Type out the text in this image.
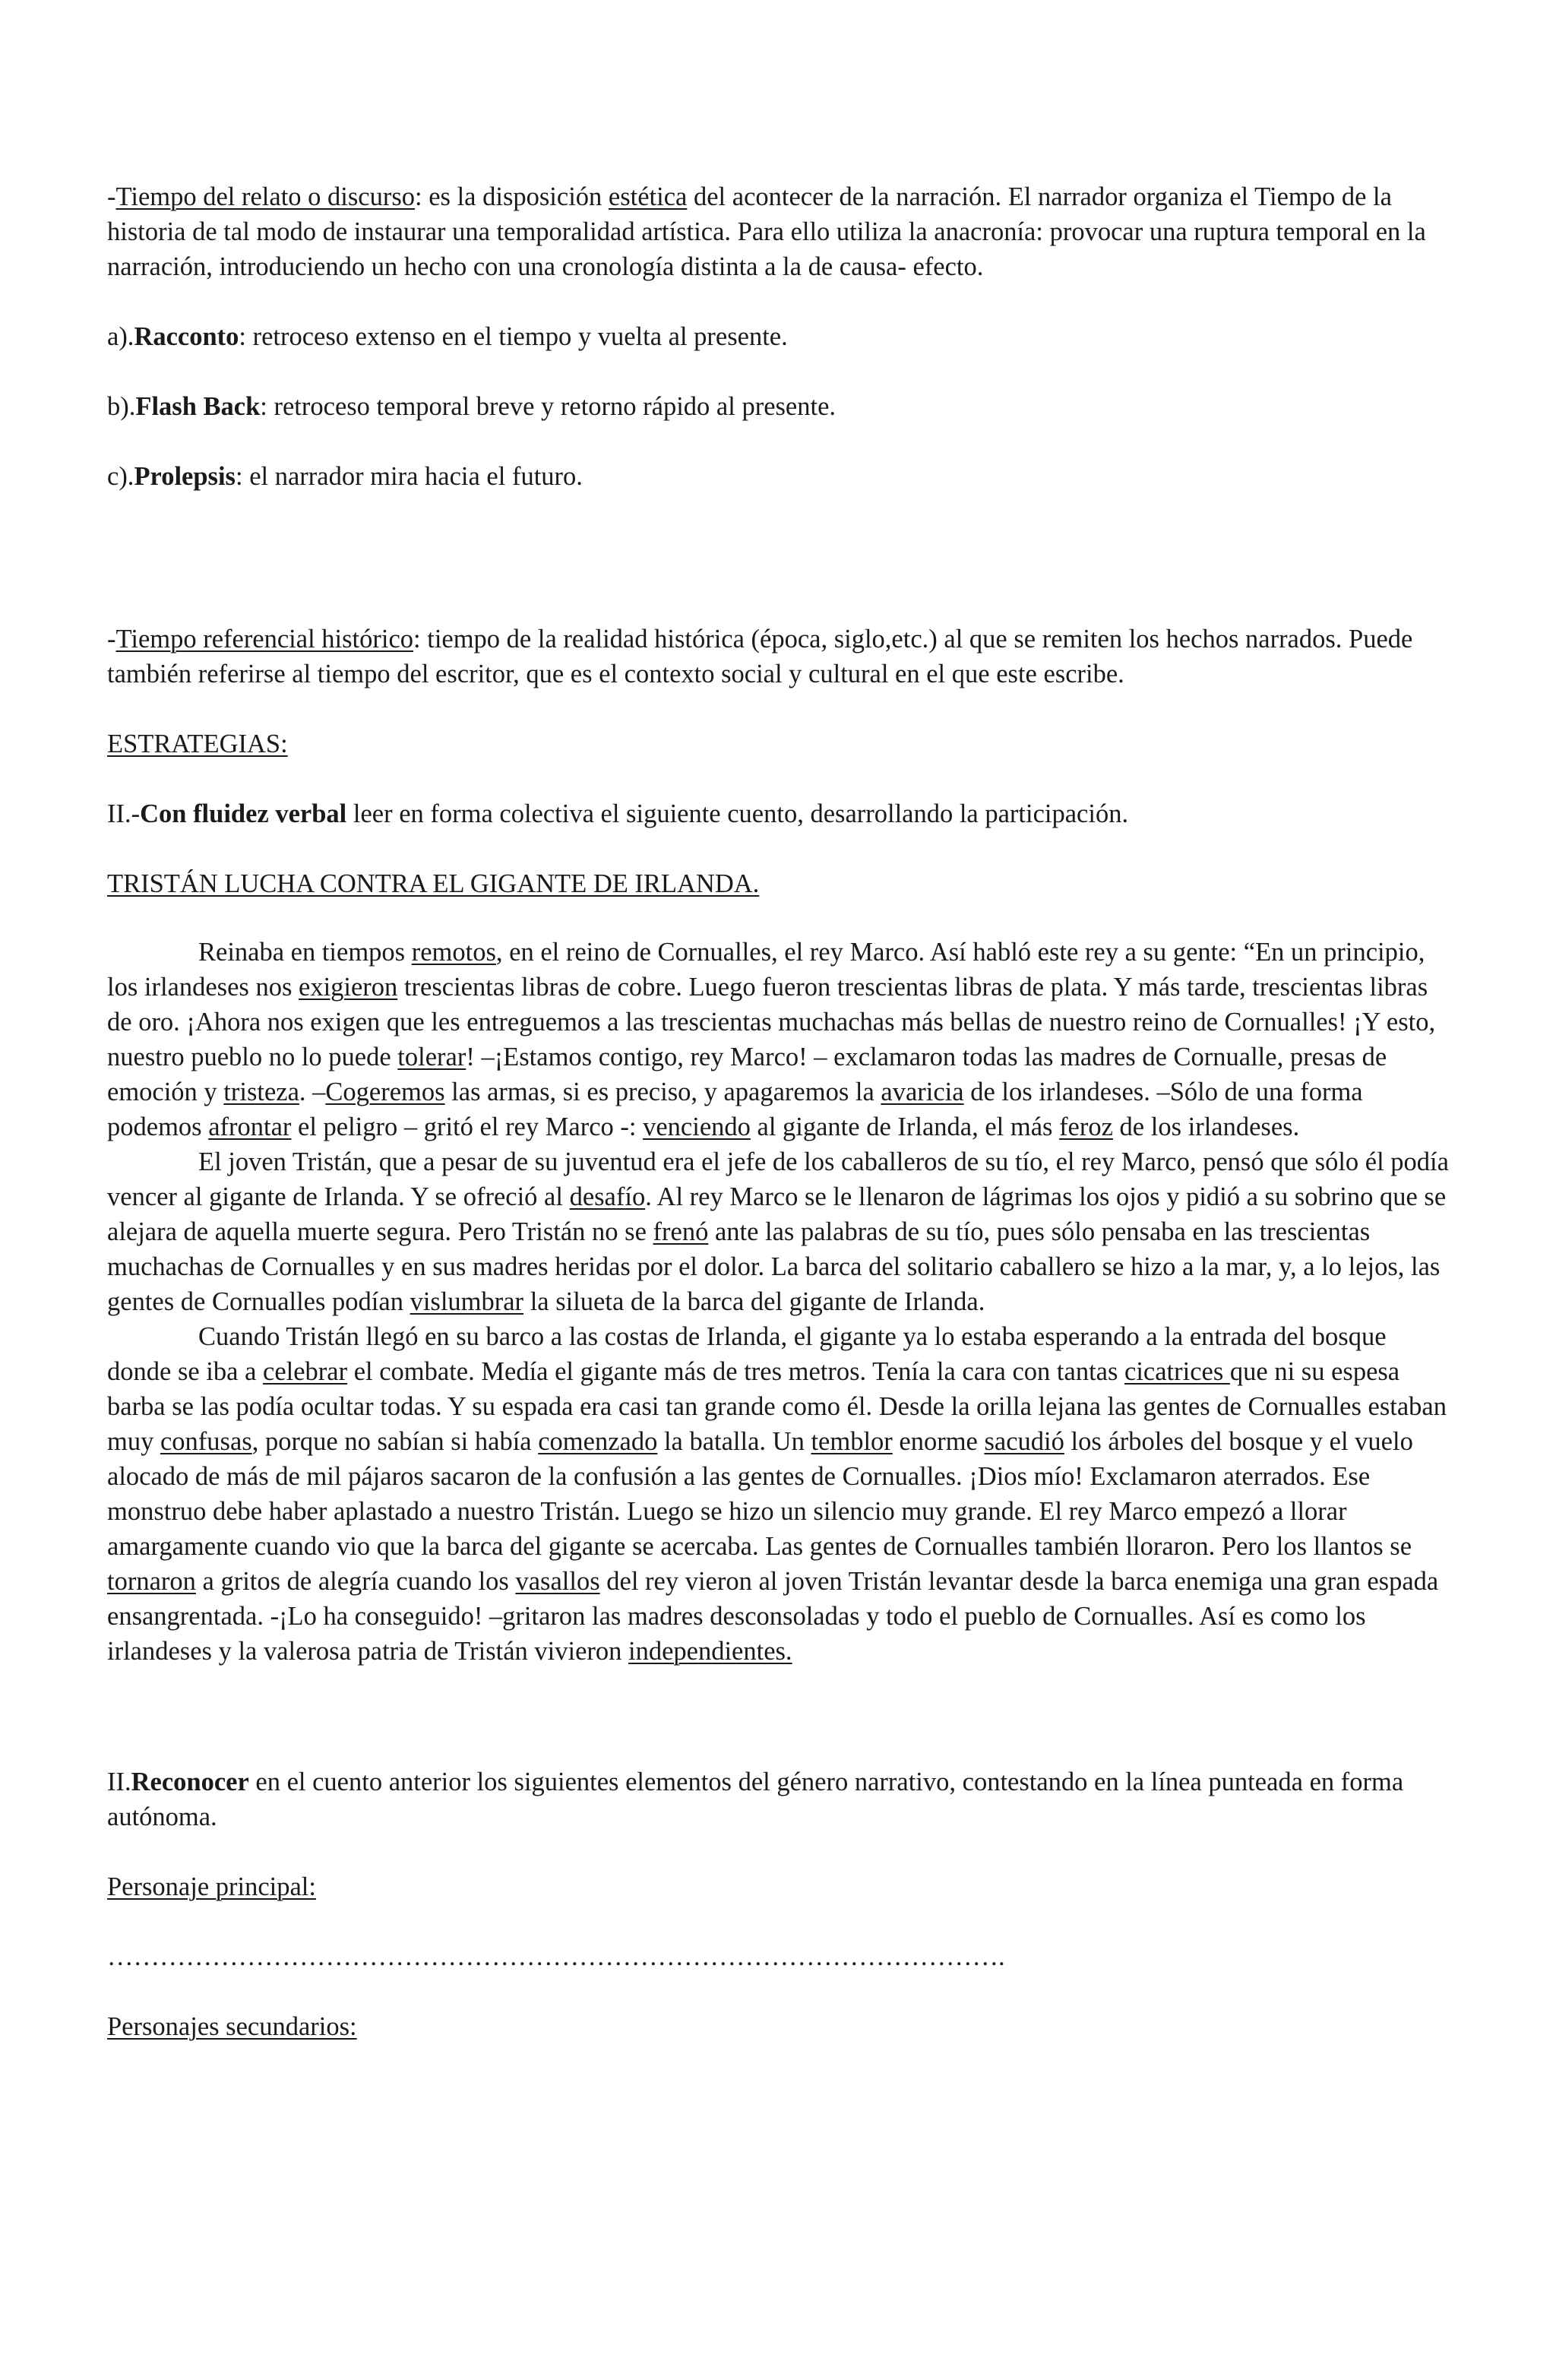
-Tiempo del relato o discurso: es la disposición estética del acontecer de la narración. El narrador organiza el Tiempo de la historia de tal modo de instaurar una temporalidad artística. Para ello utiliza la anacronía: provocar una ruptura temporal en la narración, introduciendo un hecho con una cronología distinta a la de causa- efecto.

a).Racconto: retroceso extenso en el tiempo y vuelta al presente.

b).Flash Back: retroceso temporal breve y retorno rápido al presente.

c).Prolepsis: el narrador mira hacia el futuro.

-Tiempo referencial histórico: tiempo de la realidad histórica (época, siglo,etc.) al que se remiten los hechos narrados. Puede también referirse al tiempo del escritor, que es el contexto social y cultural en el que este escribe.

ESTRATEGIAS:

II.-Con fluidez verbal leer en forma colectiva el siguiente cuento, desarrollando la participación.

TRISTÁN LUCHA CONTRA EL GIGANTE DE IRLANDA.

Reinaba en tiempos remotos, en el reino de Cornualles, el rey Marco. Así habló este rey a su gente: “En un principio, los irlandeses nos exigieron trescientas libras de cobre. Luego fueron trescientas libras de plata. Y más tarde, trescientas libras de oro. ¡Ahora nos exigen que les entreguemos a las trescientas muchachas más bellas de nuestro reino de Cornualles! ¡Y esto, nuestro pueblo no lo puede tolerar! –¡Estamos contigo, rey Marco! – exclamaron todas las madres de Cornualle, presas de emoción y tristeza. –Cogeremos las armas, si es preciso, y apagaremos la avaricia de los irlandeses. –Sólo de una forma podemos afrontar el peligro – gritó el rey Marco -: venciendo al gigante de Irlanda, el más feroz de los irlandeses.

El joven Tristán, que a pesar de su juventud era el jefe de los caballeros de su tío, el rey Marco, pensó que sólo él podía vencer al gigante de Irlanda. Y se ofreció al desafío. Al rey Marco se le llenaron de lágrimas los ojos y pidió a su sobrino que se alejara de aquella muerte segura. Pero Tristán no se frenó ante las palabras de su tío, pues sólo pensaba en las trescientas muchachas de Cornualles y en sus madres heridas por el dolor. La barca del solitario caballero se hizo a la mar, y, a lo lejos, las gentes de Cornualles podían vislumbrar la silueta de la barca del gigante de Irlanda.

Cuando Tristán llegó en su barco a las costas de Irlanda, el gigante ya lo estaba esperando a la entrada del bosque donde se iba a celebrar el combate. Medía el gigante más de tres metros. Tenía la cara con tantas cicatrices que ni su espesa barba se las podía ocultar todas. Y su espada era casi tan grande como él. Desde la orilla lejana las gentes de Cornualles estaban muy confusas, porque no sabían si había comenzado la batalla. Un temblor enorme sacudió los árboles del bosque y el vuelo alocado de más de mil pájaros sacaron de la confusión a las gentes de Cornualles. ¡Dios mío! Exclamaron aterrados. Ese monstruo debe haber aplastado a nuestro Tristán. Luego se hizo un silencio muy grande. El rey Marco empezó a llorar amargamente cuando vio que la barca del gigante se acercaba. Las gentes de Cornualles también lloraron. Pero los llantos se tornaron a gritos de alegría cuando los vasallos del rey vieron al joven Tristán levantar desde la barca enemiga una gran espada ensangrentada. -¡Lo ha conseguido! –gritaron las madres desconsoladas y todo el pueblo de Cornualles. Así es como los irlandeses y la valerosa patria de Tristán vivieron independientes.

II.Reconocer en el cuento anterior los siguientes elementos del género narrativo, contestando en la línea punteada en forma autónoma.

Personaje principal:

………………………………………………………………………………………….

Personajes secundarios:
